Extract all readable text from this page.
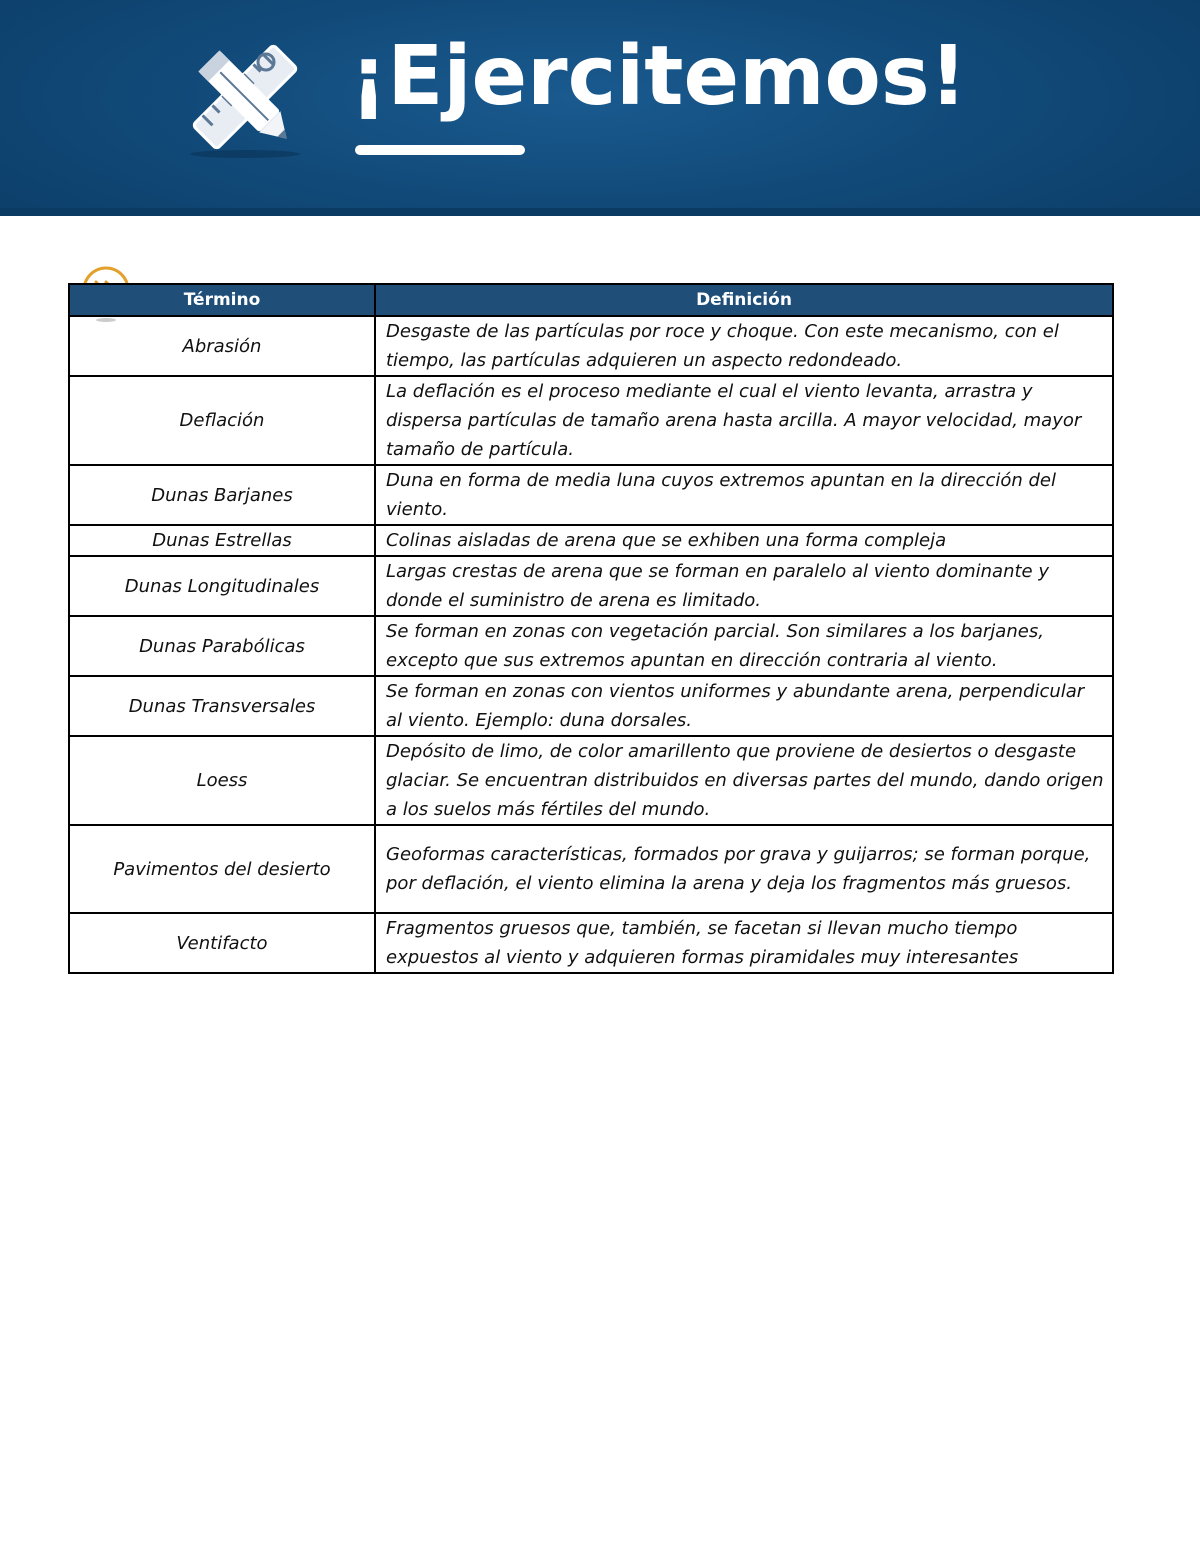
¡Ejercitemos!
Término	Definición
Abrasión	Desgaste de las partículas por roce y choque. Con este mecanismo, con el tiempo, las partículas adquieren un aspecto redondeado.
Deflación	La deflación es el proceso mediante el cual el viento levanta, arrastra y dispersa partículas de tamaño arena hasta arcilla. A mayor velocidad, mayor tamaño de partícula.
Dunas Barjanes	Duna en forma de media luna cuyos extremos apuntan en la dirección del viento.
Dunas Estrellas	Colinas aisladas de arena que se exhiben una forma compleja
Dunas Longitudinales	Largas crestas de arena que se forman en paralelo al viento dominante y donde el suministro de arena es limitado.
Dunas Parabólicas	Se forman en zonas con vegetación parcial. Son similares a los barjanes, excepto que sus extremos apuntan en dirección contraria al viento.
Dunas Transversales	Se forman en zonas con vientos uniformes y abundante arena, perpendicular al viento. Ejemplo: duna dorsales.
Loess	Depósito de limo, de color amarillento que proviene de desiertos o desgaste glaciar. Se encuentran distribuidos en diversas partes del mundo, dando origen a los suelos más fértiles del mundo.
Pavimentos del desierto	Geoformas características, formados por grava y guijarros; se forman porque, por deflación, el viento elimina la arena y deja los fragmentos más gruesos.
Ventifacto	Fragmentos gruesos que, también, se facetan si llevan mucho tiempo expuestos al viento y adquieren formas piramidales muy interesantes
